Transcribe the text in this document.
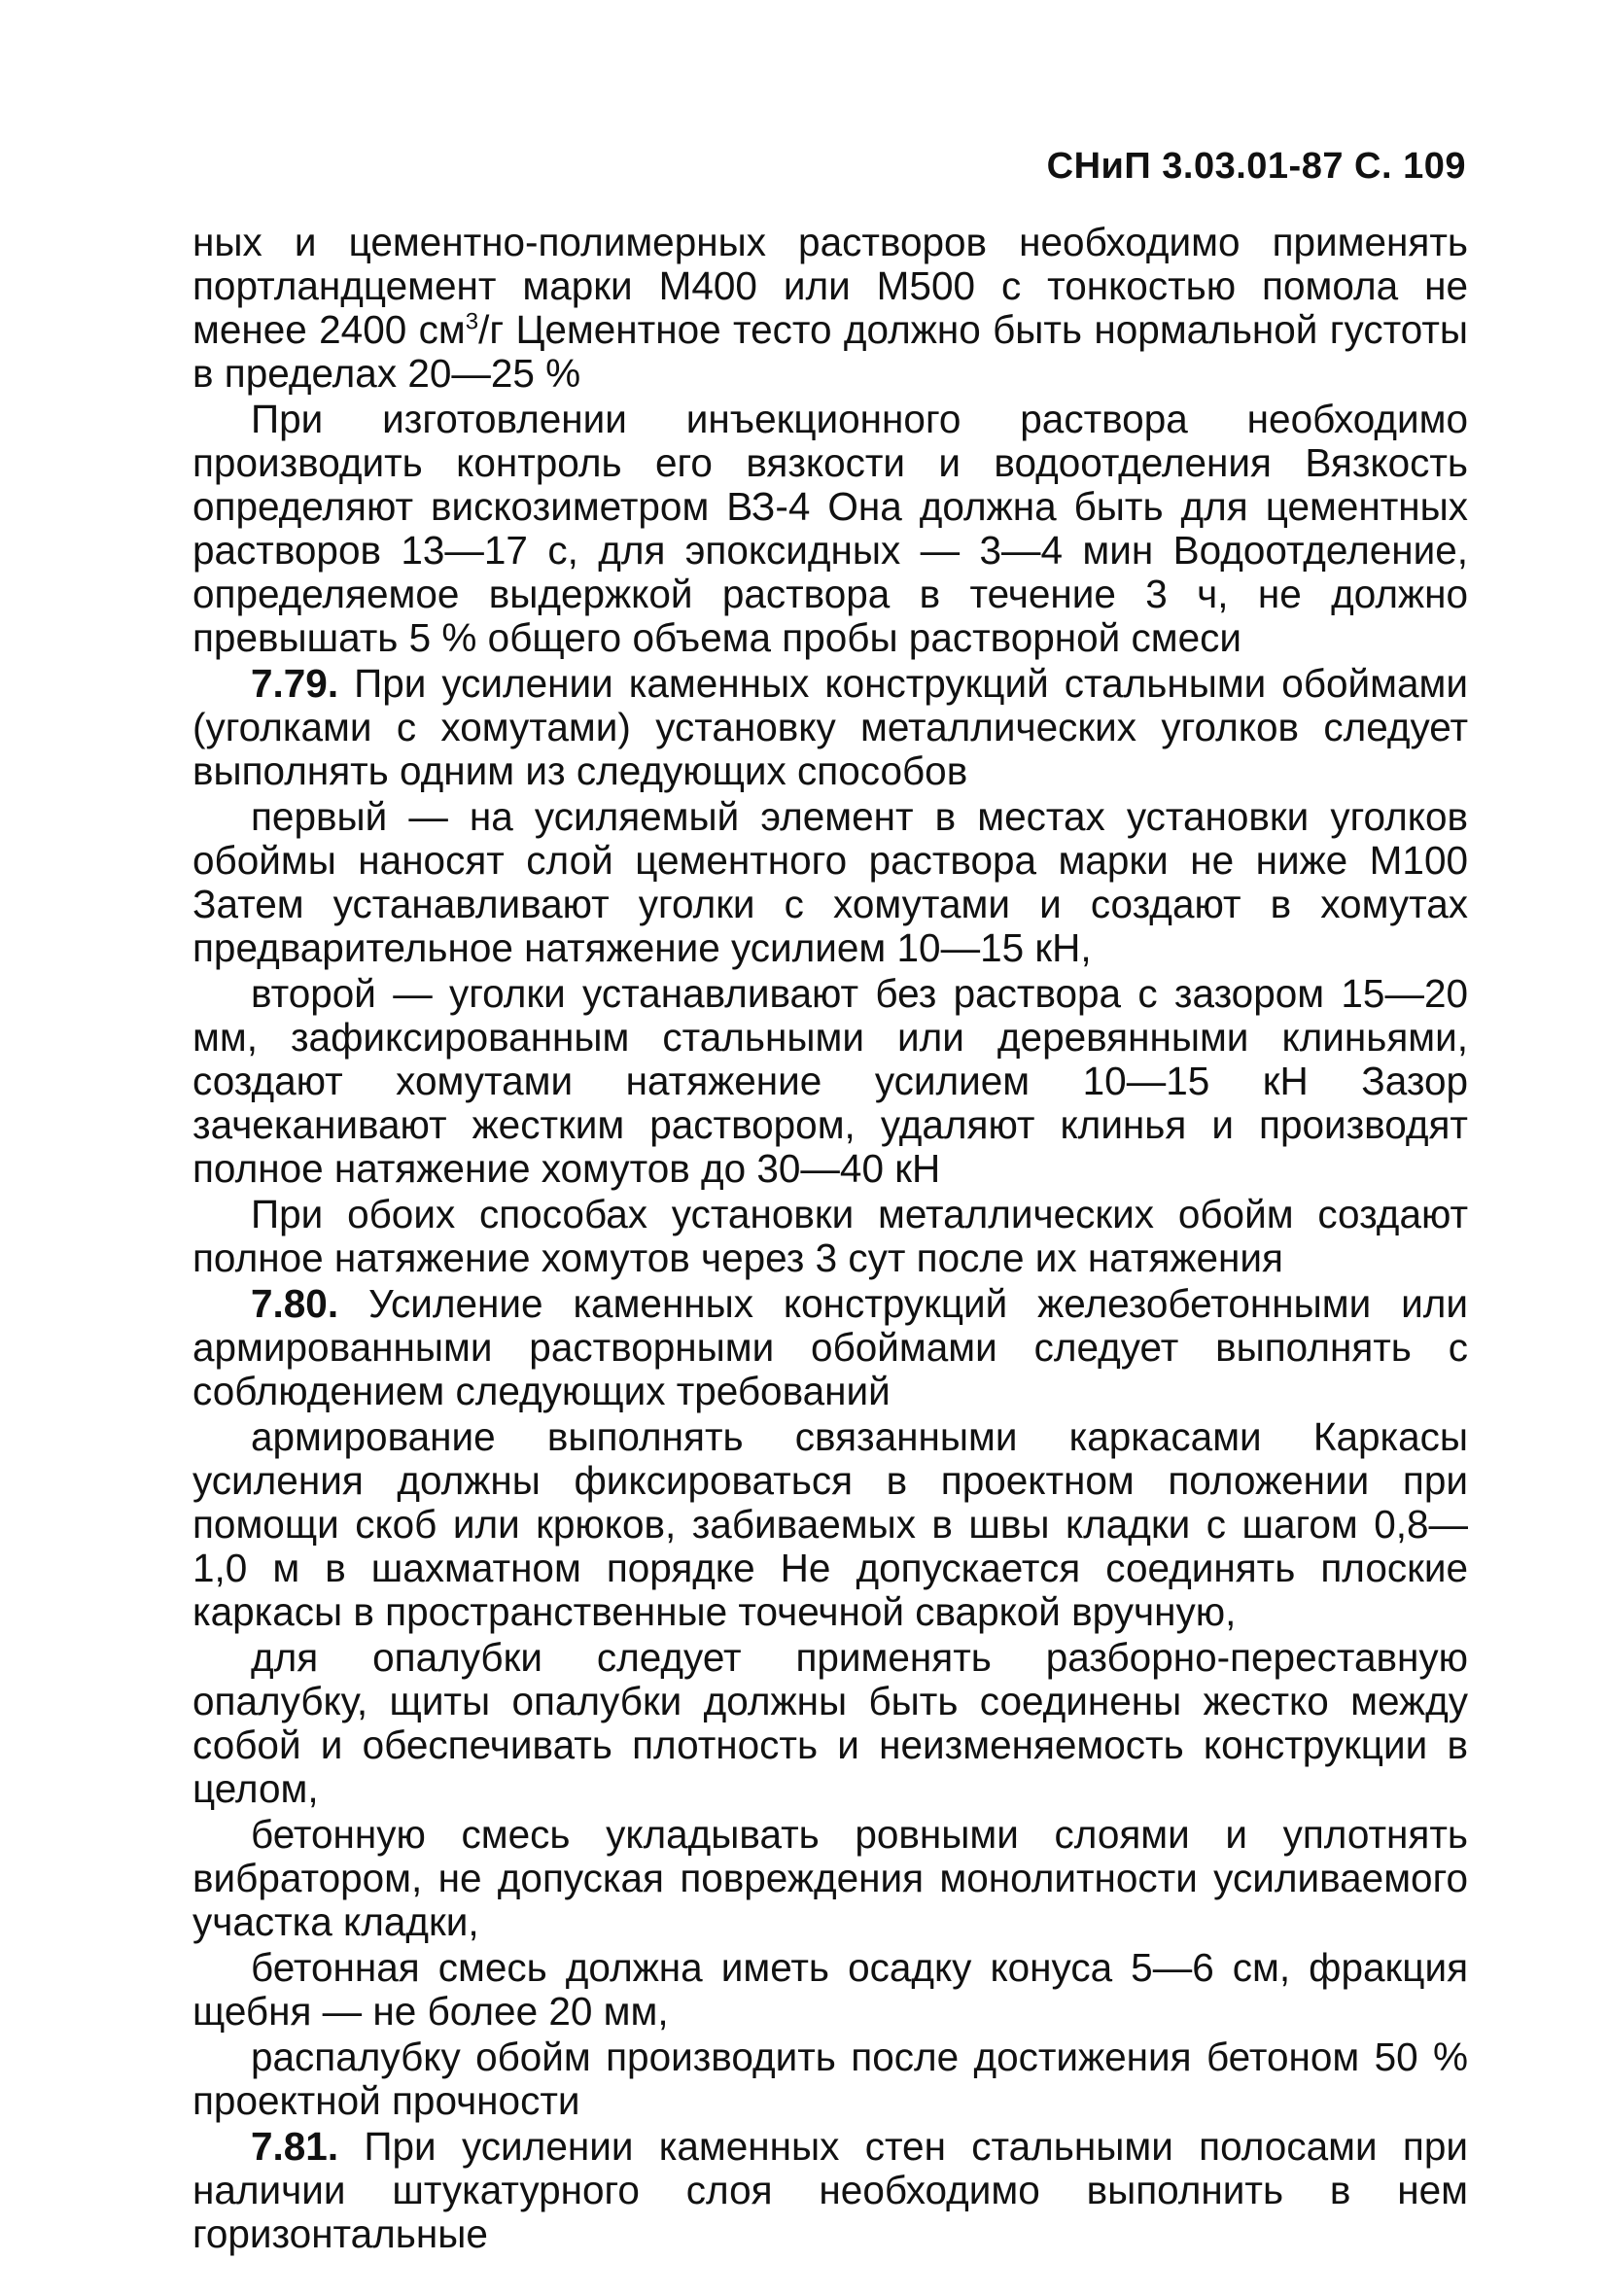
СНиП 3.03.01-87 С. 109

ных и цементно-полимерных растворов необходимо применять портландцемент марки М400 или М500 с тонкостью помола не менее 2400 $см^3/г$ Цементное тесто должно быть нормальной густоты в пределах 20—25 %

При изготовлении инъекционного раствора необходимо производить контроль его вязкости и водоотделения Вязкость определяют вискозиметром ВЗ-4 Она должна быть для цементных растворов 13—17 с, для эпоксидных — 3—4 мин Водоотделение, определяемое выдержкой раствора в течение 3 ч, не должно превышать 5 % общего объема пробы растворной смеси

7.79. При усилении каменных конструкций стальными обоймами (уголками с хомутами) установку металлических уголков следует выполнять одним из следующих способов

первый — на усиляемый элемент в местах установки уголков обоймы наносят слой цементного раствора марки не ниже М100 Затем устанавливают уголки с хомутами и создают в хомутах предварительное натяжение усилием 10—15 кН,

второй — уголки устанавливают без раствора с зазором 15—20 мм, зафиксированным стальными или деревянными клиньями, создают хомутами натяжение усилием 10—15 кН Зазор зачеканивают жестким раствором, удаляют клинья и производят полное натяжение хомутов до 30—40 кН

При обоих способах установки металлических обойм создают полное натяжение хомутов через 3 сут после их натяжения

7.80. Усиление каменных конструкций железобетонными или армированными растворными обоймами следует выполнять с соблюдением следующих требований

армирование выполнять связанными каркасами Каркасы усиления должны фиксироваться в проектном положении при помощи скоб или крюков, забиваемых в швы кладки с шагом 0,8—1,0 м в шахматном порядке Не допускается соединять плоские каркасы в пространственные точечной сваркой вручную,

для опалубки следует применять разборно-переставную опалубку, щиты опалубки должны быть соединены жестко между собой и обеспечивать плотность и неизменяемость конструкции в целом,

бетонную смесь укладывать ровными слоями и уплотнять вибратором, не допуская повреждения монолитности усиливаемого участка кладки,

бетонная смесь должна иметь осадку конуса 5—6 см, фракция щебня — не более 20 мм,

распалубку обойм производить после достижения бетоном 50 % проектной прочности

7.81. При усилении каменных стен стальными полосами при наличии штукатурного слоя необходимо выполнить в нем горизонтальные
